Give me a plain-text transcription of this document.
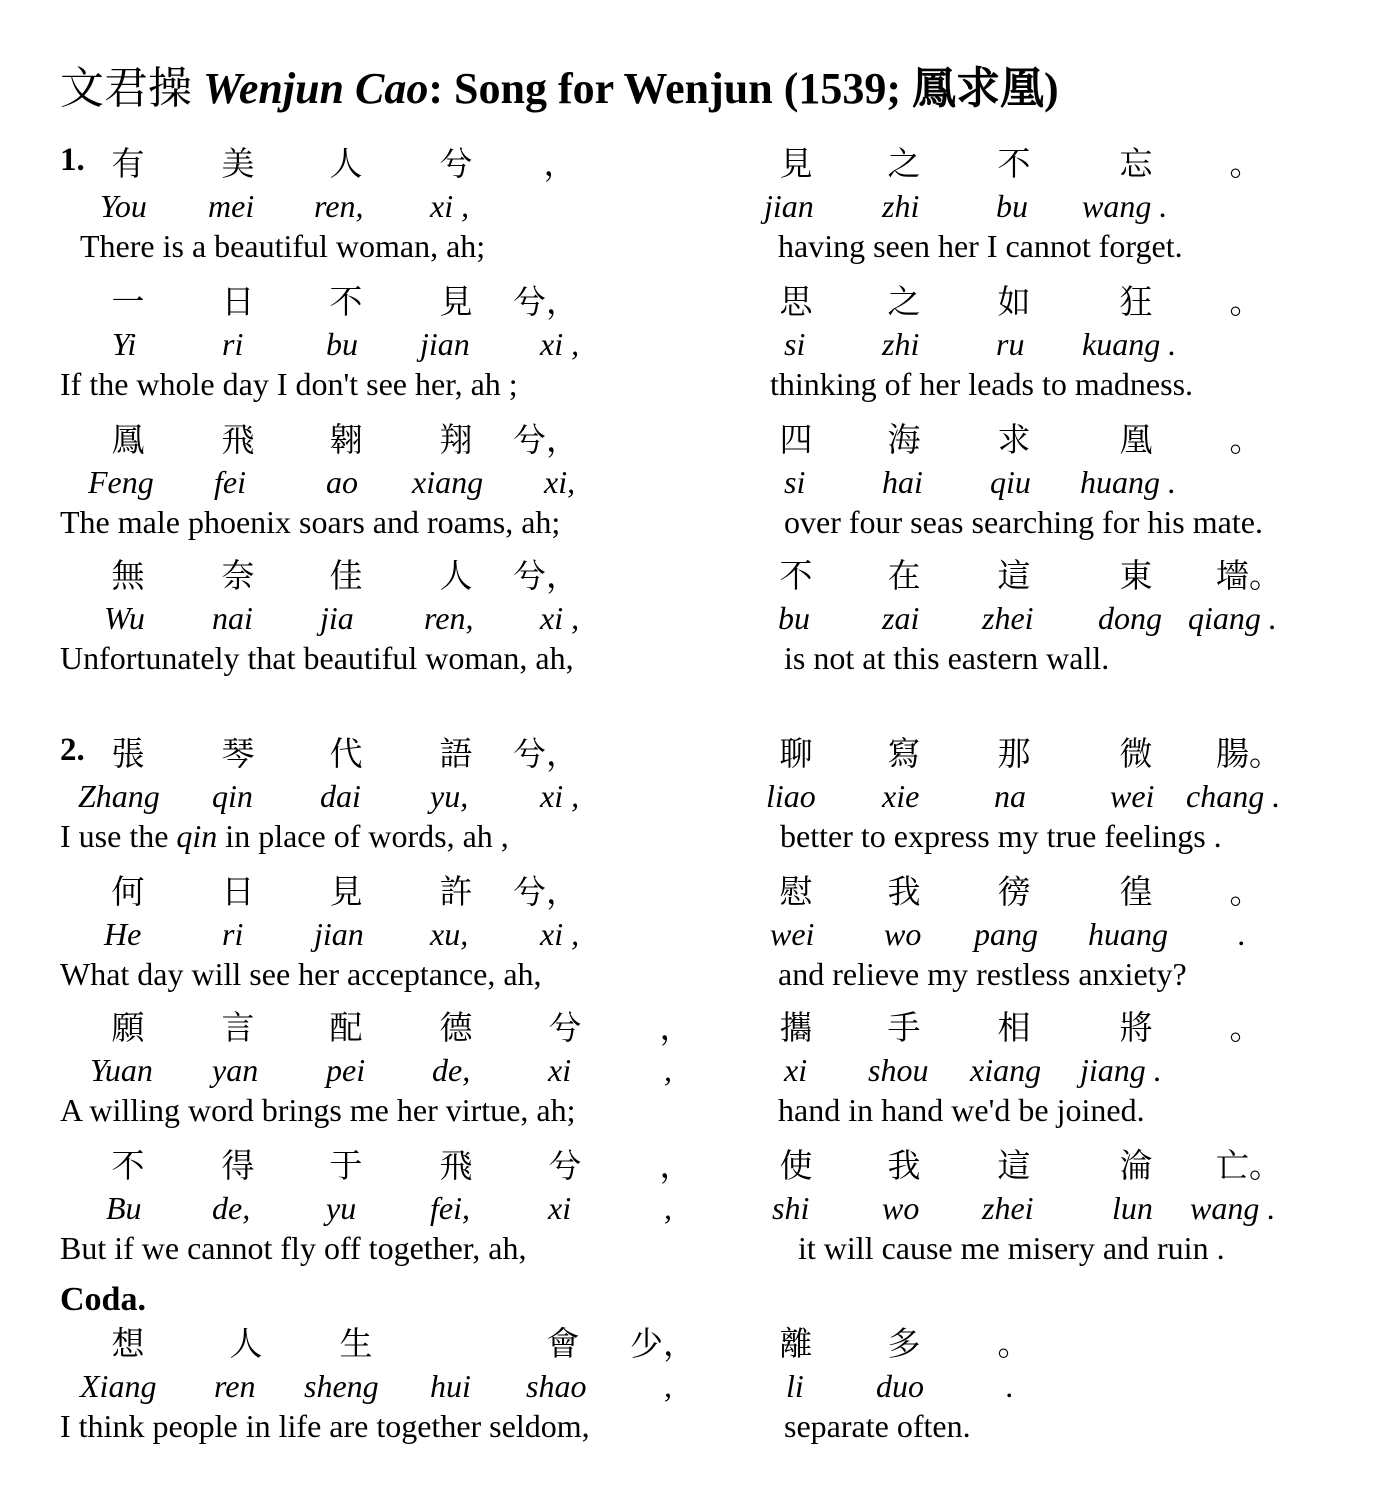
文君操 Wenjun Cao: Song for Wenjun (1539; 鳳求凰)
1. 有	美	人	兮	，	見	之	不	忘	。
You mei ren, xi ,	jian zhi bu wang .
There is a beautiful woman, ah;	having seen her I cannot forget.
一	日	不	見	兮，	思	之	如	狂	。
Yi	ri	bu jian xi ,	si zhi ru kuang .
If the whole day I don't see her, ah ;	thinking of her leads to madness.
鳳	飛	翱	翔	兮，	四	海	求	凰	。
Feng fei	ao xiang xi,	si hai qiu huang .
The male phoenix soars and roams, ah;	over four seas searching for his mate.
無	奈	佳	人	兮，	不	在	這	東	墻。
Wu nai jia ren, xi ,	bu zai zhei dong qiang .
Unfortunately that beautiful woman, ah,	is not at this eastern wall.
2. 張	琴	代	語	兮，	聊	寫	那	微	腸。
Zhang qin dai yu, xi ,	liao xie na	wei chang .
I use the qin in place of words, ah ,	better to express my true feelings .
何	日	見	許	兮，	慰	我	徬	徨	。
He	ri jian xu, xi ,	wei wo pang huang .
What day will see her acceptance, ah,	and relieve my restless anxiety?
願	言	配	德	兮	，	攜	手	相	將	。
Yuan yan pei de, xi	,	xi shou xiang jiang .
A willing word brings me her virtue, ah;	hand in hand we'd be joined.
不	得	于	飛	兮	，	使	我	這	淪	亡。
Bu de, yu fei, xi	,	shi wo zhei lun wang .
But if we cannot fly off together, ah,	it will cause me misery and ruin .
Coda.
想	人	生	會	少，	離	多	。
Xiang ren sheng hui shao ,	li duo	.
I think people in life are together seldom,	separate often.
